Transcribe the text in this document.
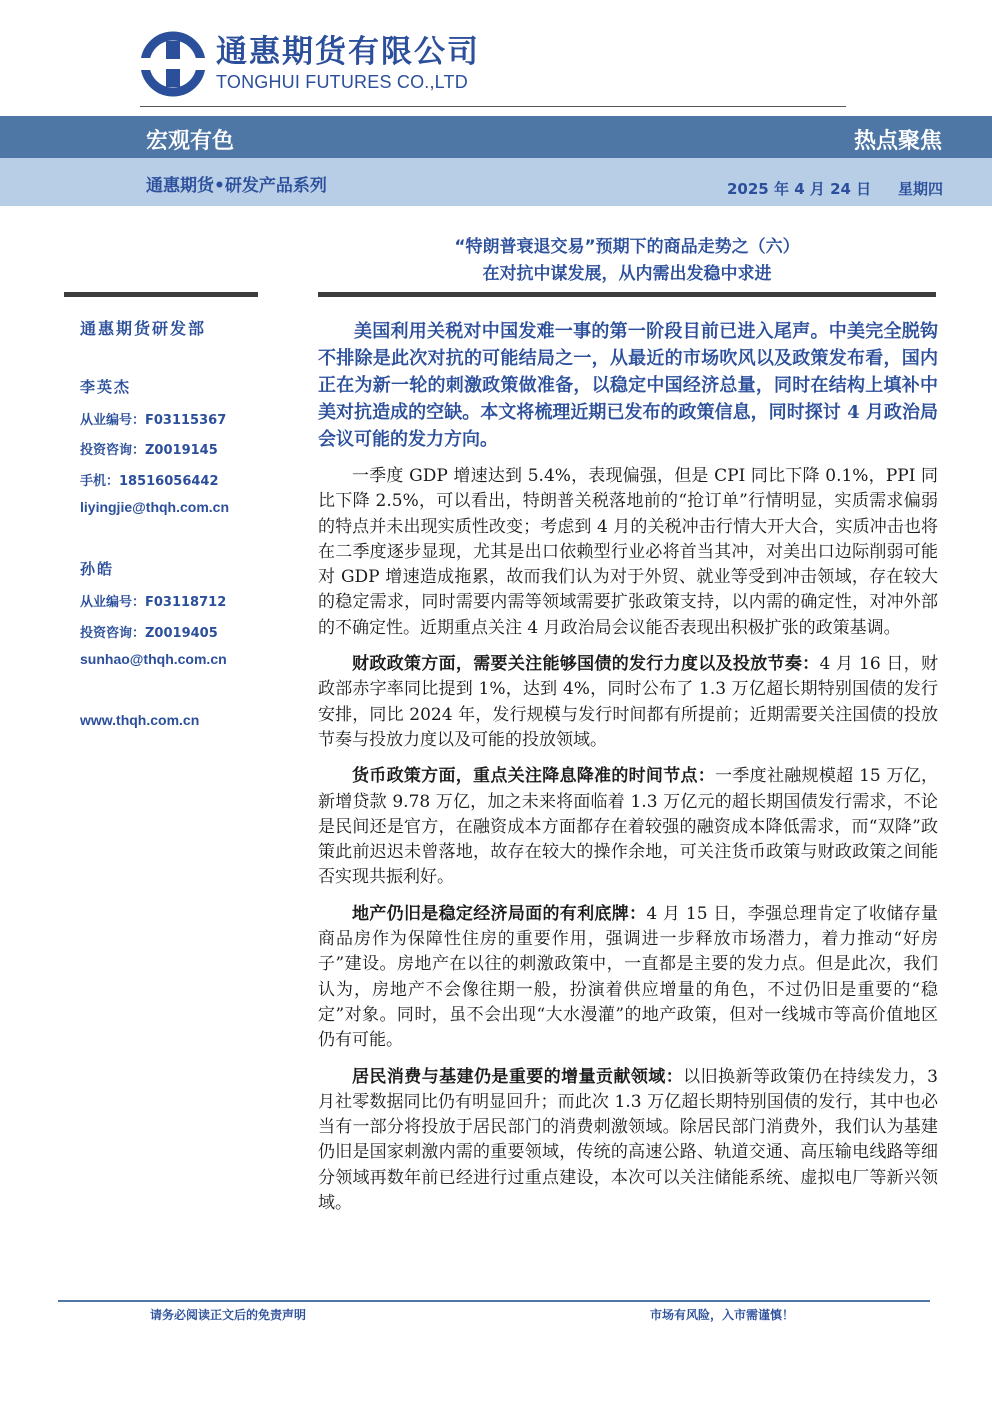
通惠期货有限公司
TONGHUI FUTURES CO.,LTD
宏观有色	热点聚焦
通惠期货•研发产品系列	2025 年 4 月 24 日 星期四
“特朗普衰退交易”预期下的商品走势之（六）
在对抗中谋发展，从内需出发稳中求进
通惠期货研发部
李英杰
从业编号：F03115367
投资咨询：Z0019145
手机：18516056442
liyingjie@thqh.com.cn
孙皓
从业编号：F03118712
投资咨询：Z0019405
sunhao@thqh.com.cn
www.thqh.com.cn

美国利用关税对中国发难一事的第一阶段目前已进入尾声。中美完全脱钩不排除是此次对抗的可能结局之一，从最近的市场吹风以及政策发布看，国内正在为新一轮的刺激政策做准备，以稳定中国经济总量，同时在结构上填补中美对抗造成的空缺。本文将梳理近期已发布的政策信息，同时探讨 4 月政治局会议可能的发力方向。

一季度 GDP 增速达到 5.4%，表现偏强，但是 CPI 同比下降 0.1%，PPI 同比下降 2.5%，可以看出，特朗普关税落地前的“抢订单”行情明显，实质需求偏弱的特点并未出现实质性改变；考虑到 4 月的关税冲击行情大开大合，实质冲击也将在二季度逐步显现，尤其是出口依赖型行业必将首当其冲，对美出口边际削弱可能对 GDP 增速造成拖累，故而我们认为对于外贸、就业等受到冲击领域，存在较大的稳定需求，同时需要内需等领域需要扩张政策支持，以内需的确定性，对冲外部的不确定性。近期重点关注 4 月政治局会议能否表现出积极扩张的政策基调。

财政政策方面，需要关注能够国债的发行力度以及投放节奏：4 月 16 日，财政部赤字率同比提到 1%，达到 4%，同时公布了 1.3 万亿超长期特别国债的发行安排，同比 2024 年，发行规模与发行时间都有所提前；近期需要关注国债的投放节奏与投放力度以及可能的投放领域。

货币政策方面，重点关注降息降准的时间节点：一季度社融规模超 15 万亿，新增贷款 9.78 万亿，加之未来将面临着 1.3 万亿元的超长期国债发行需求，不论是民间还是官方，在融资成本方面都存在着较强的融资成本降低需求，而“双降”政策此前迟迟未曾落地，故存在较大的操作余地，可关注货币政策与财政政策之间能否实现共振利好。

地产仍旧是稳定经济局面的有利底牌：4 月 15 日，李强总理肯定了收储存量商品房作为保障性住房的重要作用，强调进一步释放市场潜力，着力推动“好房子”建设。房地产在以往的刺激政策中，一直都是主要的发力点。但是此次，我们认为，房地产不会像往期一般，扮演着供应增量的角色，不过仍旧是重要的“稳定”对象。同时，虽不会出现“大水漫灌”的地产政策，但对一线城市等高价值地区仍有可能。

居民消费与基建仍是重要的增量贡献领域：以旧换新等政策仍在持续发力，3 月社零数据同比仍有明显回升；而此次 1.3 万亿超长期特别国债的发行，其中也必当有一部分将投放于居民部门的消费刺激领域。除居民部门消费外，我们认为基建仍旧是国家刺激内需的重要领域，传统的高速公路、轨道交通、高压输电线路等细分领域再数年前已经进行过重点建设，本次可以关注储能系统、虚拟电厂等新兴领域。

请务必阅读正文后的免责声明	市场有风险，入市需谨慎！
